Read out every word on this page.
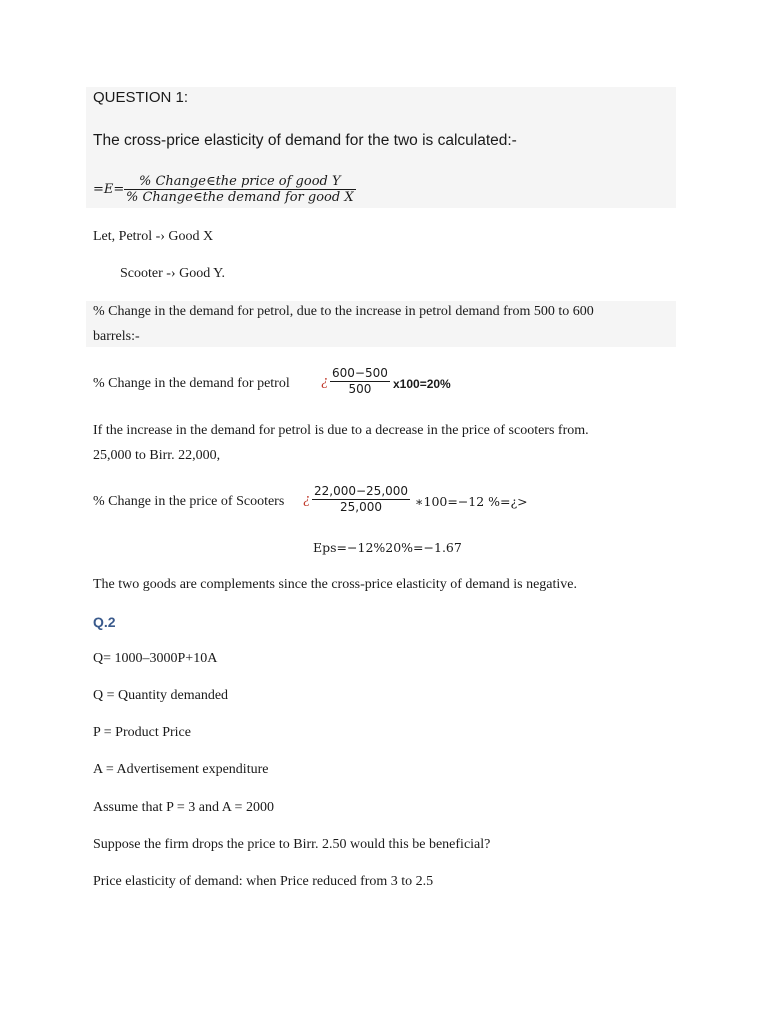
QUESTION 1:
The cross-price elasticity of demand for the two is calculated:-
=E=
% Change∈the price of good Y
% Change∈the demand for good X
Let, Petrol -› Good X
Scooter -› Good Y.
% Change in the demand for petrol, due to the increase in petrol demand from 500 to 600
barrels:-
% Change in the demand for petrol ¿ 600−500
500 x100=20%
If the increase in the demand for petrol is due to a decrease in the price of scooters from.
25,000 to Birr. 22,000,
% Change in the price of Scooters ¿ 22,000−25,000
25,000	∗100=−12 % =¿>
Eps=−12%20%=−1.67
The two goods are complements since the cross-price elasticity of demand is negative.
Q.2
Q= 1000–3000P+10A
Q = Quantity demanded
P = Product Price
A = Advertisement expenditure
Assume that P = 3 and A = 2000
Suppose the firm drops the price to Birr. 2.50 would this be beneficial?
Price elasticity of demand: when Price reduced from 3 to 2.5
